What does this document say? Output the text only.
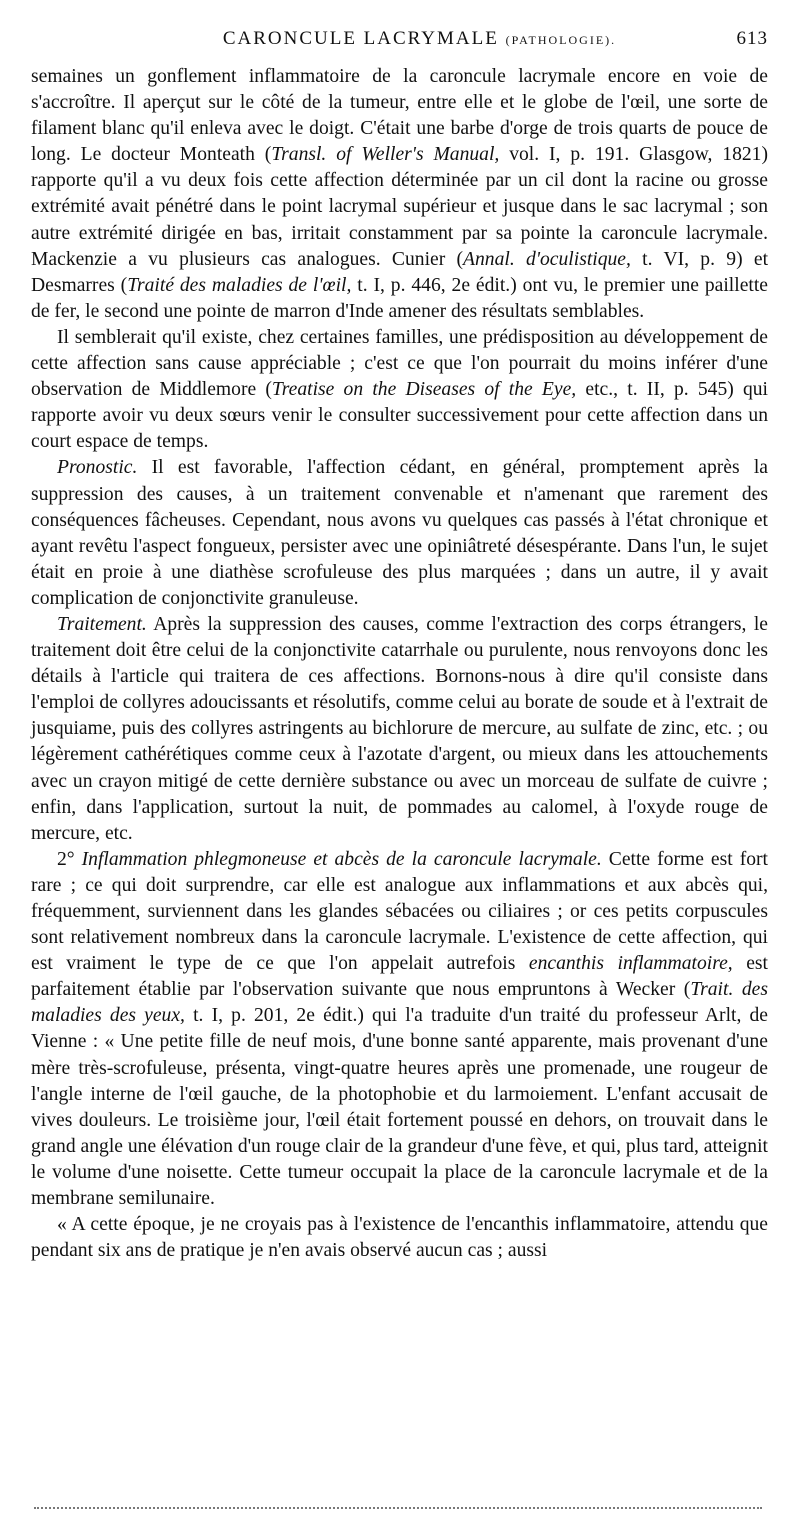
CARONCULE LACRYMALE (PATHOLOGIE).	613

semaines un gonflement inflammatoire de la caroncule lacrymale encore en voie de s'accroître. Il aperçut sur le côté de la tumeur, entre elle et le globe de l'œil, une sorte de filament blanc qu'il enleva avec le doigt. C'était une barbe d'orge de trois quarts de pouce de long. Le docteur Monteath (Transl. of Weller's Manual, vol. I, p. 191. Glasgow, 1821) rapporte qu'il a vu deux fois cette affection déterminée par un cil dont la racine ou grosse extrémité avait pénétré dans le point lacrymal supérieur et jusque dans le sac lacrymal ; son autre extrémité dirigée en bas, irritait constamment par sa pointe la caroncule lacrymale. Mackenzie a vu plusieurs cas analogues. Cunier (Annal. d'oculistique, t. VI, p. 9) et Desmarres (Traité des maladies de l'œil, t. I, p. 446, 2e édit.) ont vu, le premier une paillette de fer, le second une pointe de marron d'Inde amener des résultats semblables.

Il semblerait qu'il existe, chez certaines familles, une prédisposition au développement de cette affection sans cause appréciable ; c'est ce que l'on pourrait du moins inférer d'une observation de Middlemore (Treatise on the Diseases of the Eye, etc., t. II, p. 545) qui rapporte avoir vu deux sœurs venir le consulter successivement pour cette affection dans un court espace de temps.

Pronostic. Il est favorable, l'affection cédant, en général, promptement après la suppression des causes, à un traitement convenable et n'amenant que rarement des conséquences fâcheuses. Cependant, nous avons vu quelques cas passés à l'état chronique et ayant revêtu l'aspect fongueux, persister avec une opiniâtreté désespérante. Dans l'un, le sujet était en proie à une diathèse scrofuleuse des plus marquées ; dans un autre, il y avait complication de conjonctivite granuleuse.

Traitement. Après la suppression des causes, comme l'extraction des corps étrangers, le traitement doit être celui de la conjonctivite catarrhale ou purulente, nous renvoyons donc les détails à l'article qui traitera de ces affections. Bornons-nous à dire qu'il consiste dans l'emploi de collyres adoucissants et résolutifs, comme celui au borate de soude et à l'extrait de jusquiame, puis des collyres astringents au bichlorure de mercure, au sulfate de zinc, etc. ; ou légèrement cathérétiques comme ceux à l'azotate d'argent, ou mieux dans les attouchements avec un crayon mitigé de cette dernière substance ou avec un morceau de sulfate de cuivre ; enfin, dans l'application, surtout la nuit, de pommades au calomel, à l'oxyde rouge de mercure, etc.

2° Inflammation phlegmoneuse et abcès de la caroncule lacrymale. Cette forme est fort rare ; ce qui doit surprendre, car elle est analogue aux inflammations et aux abcès qui, fréquemment, surviennent dans les glandes sébacées ou ciliaires ; or ces petits corpuscules sont relativement nombreux dans la caroncule lacrymale. L'existence de cette affection, qui est vraiment le type de ce que l'on appelait autrefois encanthis inflammatoire, est parfaitement établie par l'observation suivante que nous empruntons à Wecker (Trait. des maladies des yeux, t. I, p. 201, 2e édit.) qui l'a traduite d'un traité du professeur Arlt, de Vienne : « Une petite fille de neuf mois, d'une bonne santé apparente, mais provenant d'une mère très-scrofuleuse, présenta, vingt-quatre heures après une promenade, une rougeur de l'angle interne de l'œil gauche, de la photophobie et du larmoiement. L'enfant accusait de vives douleurs. Le troisième jour, l'œil était fortement poussé en dehors, on trouvait dans le grand angle une élévation d'un rouge clair de la grandeur d'une fève, et qui, plus tard, atteignit le volume d'une noisette. Cette tumeur occupait la place de la caroncule lacrymale et de la membrane semilunaire.

« A cette époque, je ne croyais pas à l'existence de l'encanthis inflammatoire, attendu que pendant six ans de pratique je n'en avais observé aucun cas ; aussi
